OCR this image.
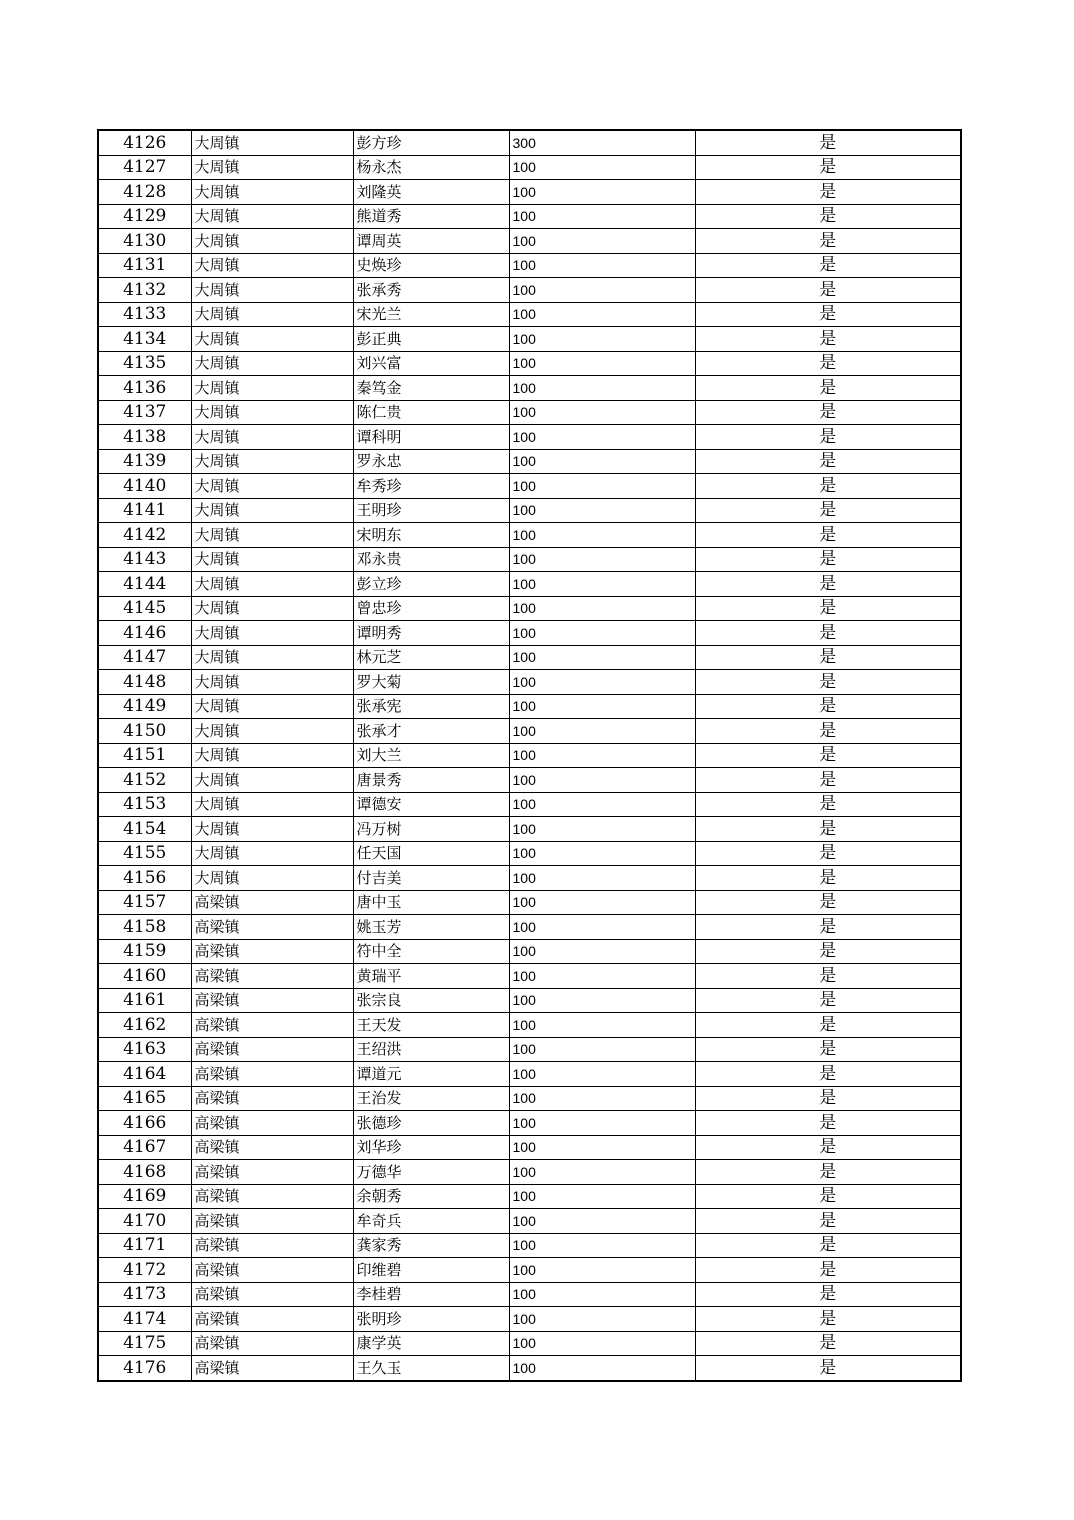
4126	大周镇	彭方珍	300	是
4127	大周镇	杨永杰	100	是
4128	大周镇	刘隆英	100	是
4129	大周镇	熊道秀	100	是
4130	大周镇	谭周英	100	是
4131	大周镇	史焕珍	100	是
4132	大周镇	张承秀	100	是
4133	大周镇	宋光兰	100	是
4134	大周镇	彭正典	100	是
4135	大周镇	刘兴富	100	是
4136	大周镇	秦笃金	100	是
4137	大周镇	陈仁贵	100	是
4138	大周镇	谭科明	100	是
4139	大周镇	罗永忠	100	是
4140	大周镇	牟秀珍	100	是
4141	大周镇	王明珍	100	是
4142	大周镇	宋明东	100	是
4143	大周镇	邓永贵	100	是
4144	大周镇	彭立珍	100	是
4145	大周镇	曾忠珍	100	是
4146	大周镇	谭明秀	100	是
4147	大周镇	林元芝	100	是
4148	大周镇	罗大菊	100	是
4149	大周镇	张承宪	100	是
4150	大周镇	张承才	100	是
4151	大周镇	刘大兰	100	是
4152	大周镇	唐景秀	100	是
4153	大周镇	谭德安	100	是
4154	大周镇	冯万树	100	是
4155	大周镇	任天国	100	是
4156	大周镇	付吉美	100	是
4157	高梁镇	唐中玉	100	是
4158	高梁镇	姚玉芳	100	是
4159	高梁镇	符中全	100	是
4160	高梁镇	黄瑞平	100	是
4161	高梁镇	张宗良	100	是
4162	高梁镇	王天发	100	是
4163	高梁镇	王绍洪	100	是
4164	高梁镇	谭道元	100	是
4165	高梁镇	王治发	100	是
4166	高梁镇	张德珍	100	是
4167	高梁镇	刘华珍	100	是
4168	高梁镇	万德华	100	是
4169	高梁镇	余朝秀	100	是
4170	高梁镇	牟奇兵	100	是
4171	高梁镇	龚家秀	100	是
4172	高梁镇	印维碧	100	是
4173	高梁镇	李桂碧	100	是
4174	高梁镇	张明珍	100	是
4175	高梁镇	康学英	100	是
4176	高梁镇	王久玉	100	是
